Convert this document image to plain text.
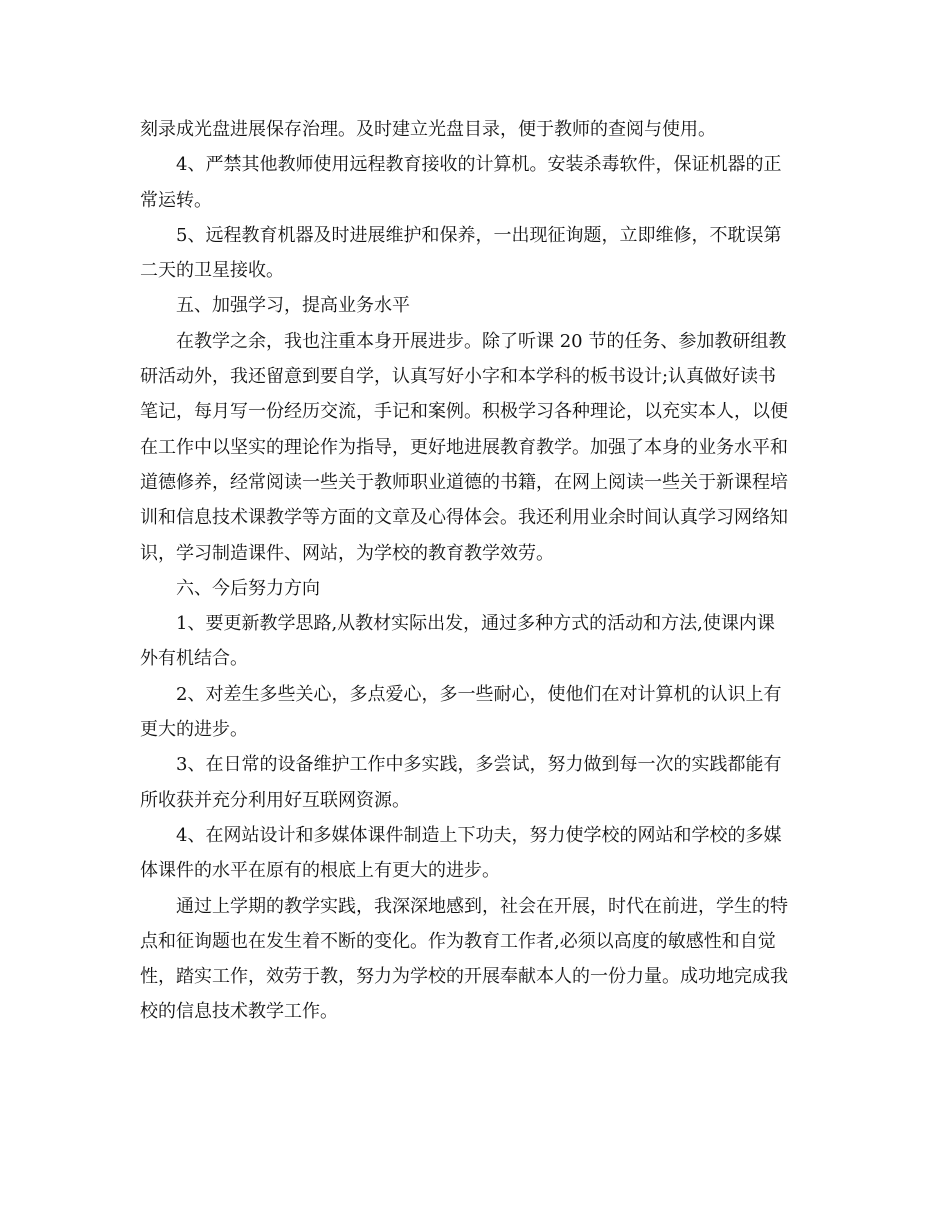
刻录成光盘进展保存治理。及时建立光盘目录，便于教师的查阅与使用。
4、严禁其他教师使用远程教育接收的计算机。安装杀毒软件，保证机器的正
常运转。
5、远程教育机器及时进展维护和保养，一出现征询题，立即维修，不耽误第
二天的卫星接收。
五、加强学习，提高业务水平
在教学之余，我也注重本身开展进步。除了听课 20 节的任务、参加教研组教
研活动外，我还留意到要自学，认真写好小字和本学科的板书设计;认真做好读书
笔记，每月写一份经历交流，手记和案例。积极学习各种理论，以充实本人，以便
在工作中以坚实的理论作为指导，更好地进展教育教学。加强了本身的业务水平和
道德修养，经常阅读一些关于教师职业道德的书籍，在网上阅读一些关于新课程培
训和信息技术课教学等方面的文章及心得体会。我还利用业余时间认真学习网络知
识，学习制造课件、网站，为学校的教育教学效劳。
六、今后努力方向
1、要更新教学思路,从教材实际出发，通过多种方式的活动和方法,使课内课
外有机结合。
2、对差生多些关心，多点爱心，多一些耐心，使他们在对计算机的认识上有
更大的进步。
3、在日常的设备维护工作中多实践，多尝试，努力做到每一次的实践都能有
所收获并充分利用好互联网资源。
4、在网站设计和多媒体课件制造上下功夫，努力使学校的网站和学校的多媒
体课件的水平在原有的根底上有更大的进步。
通过上学期的教学实践，我深深地感到，社会在开展，时代在前进，学生的特
点和征询题也在发生着不断的变化。作为教育工作者,必须以高度的敏感性和自觉
性，踏实工作，效劳于教，努力为学校的开展奉献本人的一份力量。成功地完成我
校的信息技术教学工作。
